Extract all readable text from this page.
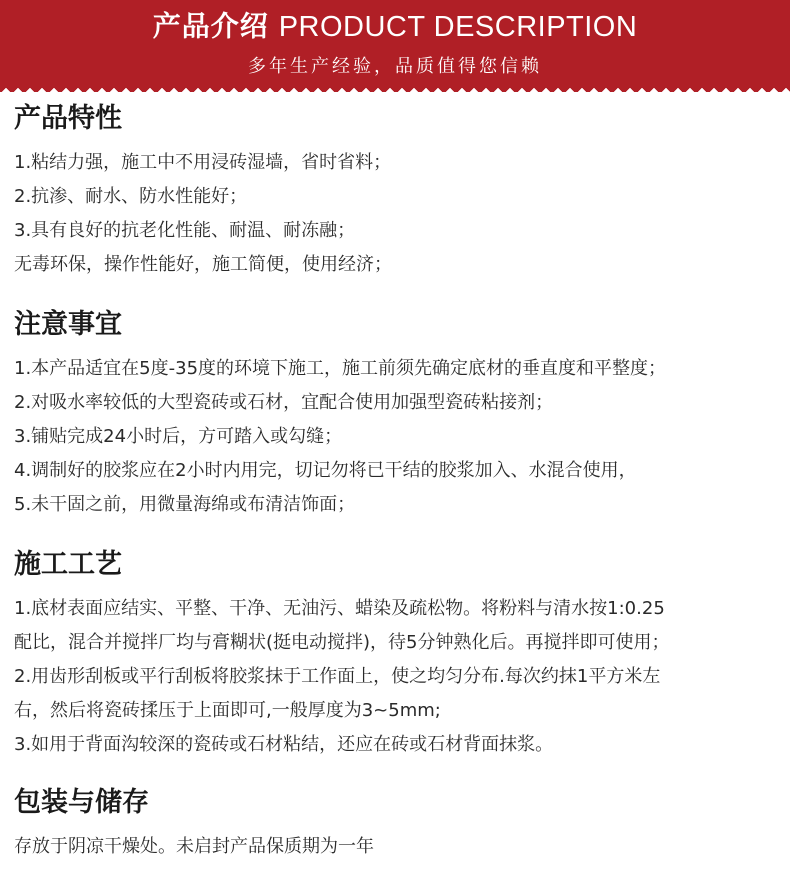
产品介绍 PRODUCT DESCRIPTION
多年生产经验，品质值得您信赖
产品特性

1.粘结力强，施工中不用浸砖湿墙，省时省料；

2.抗渗、耐水、防水性能好；

3.具有良好的抗老化性能、耐温、耐冻融；

无毒环保，操作性能好，施工简便，使用经济；

注意事宜

1.本产品适宜在5度-35度的环境下施工，施工前须先确定底材的垂直度和平整度；

2.对吸水率较低的大型瓷砖或石材，宜配合使用加强型瓷砖粘接剂；

3.铺贴完成24小时后，方可踏入或勾缝；

4.调制好的胶浆应在2小时内用完，切记勿将已干结的胶浆加入、水混合使用，

5.未干固之前，用微量海绵或布清洁饰面；

施工工艺

1.底材表面应结实、平整、干净、无油污、蜡染及疏松物。将粉料与清水按1:0.25

配比，混合并搅拌厂均与膏糊状(挺电动搅拌)，待5分钟熟化后。再搅拌即可使用；

2.用齿形刮板或平行刮板将胶浆抹于工作面上，使之均匀分布.每次约抹1平方米左

右，然后将瓷砖揉压于上面即可,一般厚度为3~5mm;

3.如用于背面沟较深的瓷砖或石材粘结，还应在砖或石材背面抹浆。

包装与储存

存放于阴凉干燥处。未启封产品保质期为一年
